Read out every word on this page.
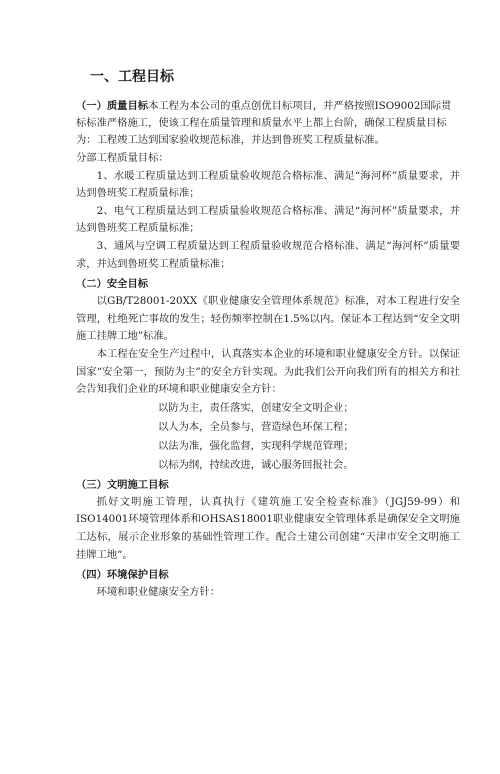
一、工程目标

（一）质量目标本工程为本公司的重点创优目标项目，并严格按照ISO9002国际贯标标准严格施工，使该工程在质量管理和质量水平上都上台阶，确保工程质量目标为：工程竣工达到国家验收规范标准，并达到鲁班奖工程质量标准。

分部工程质量目标：

1、水暖工程质量达到工程质量验收规范合格标准、满足“海河杯”质量要求，并达到鲁班奖工程质量标准；

2、电气工程质量达到工程质量验收规范合格标准、满足“海河杯”质量要求，并达到鲁班奖工程质量标准；

3、通风与空调工程质量达到工程质量验收规范合格标准、满足“海河杯”质量要求，并达到鲁班奖工程质量标准；

（二）安全目标

以GB/T28001-20XX《职业健康安全管理体系规范》标准，对本工程进行安全管理，杜绝死亡事故的发生；轻伤频率控制在1.5%以内。保证本工程达到“安全文明施工挂牌工地”标准。

本工程在安全生产过程中，认真落实本企业的环境和职业健康安全方针。以保证国家“安全第一，预防为主”的安全方针实现。为此我们公开向我们所有的相关方和社会告知我们企业的环境和职业健康安全方针：

以防为主，责任落实，创建安全文明企业；
以人为本，全员参与，营造绿色环保工程；
以法为准，强化监督，实现科学规范管理；
以标为纲，持续改进，诚心服务回报社会。
（三）文明施工目标

抓好文明施工管理，认真执行《建筑施工安全检查标准》（JGJ59-99）和ISO14001环境管理体系和OHSAS18001职业健康安全管理体系是确保安全文明施工达标，展示企业形象的基础性管理工作。配合土建公司创建“天津市安全文明施工挂牌工地”。

（四）环境保护目标

环境和职业健康安全方针：
